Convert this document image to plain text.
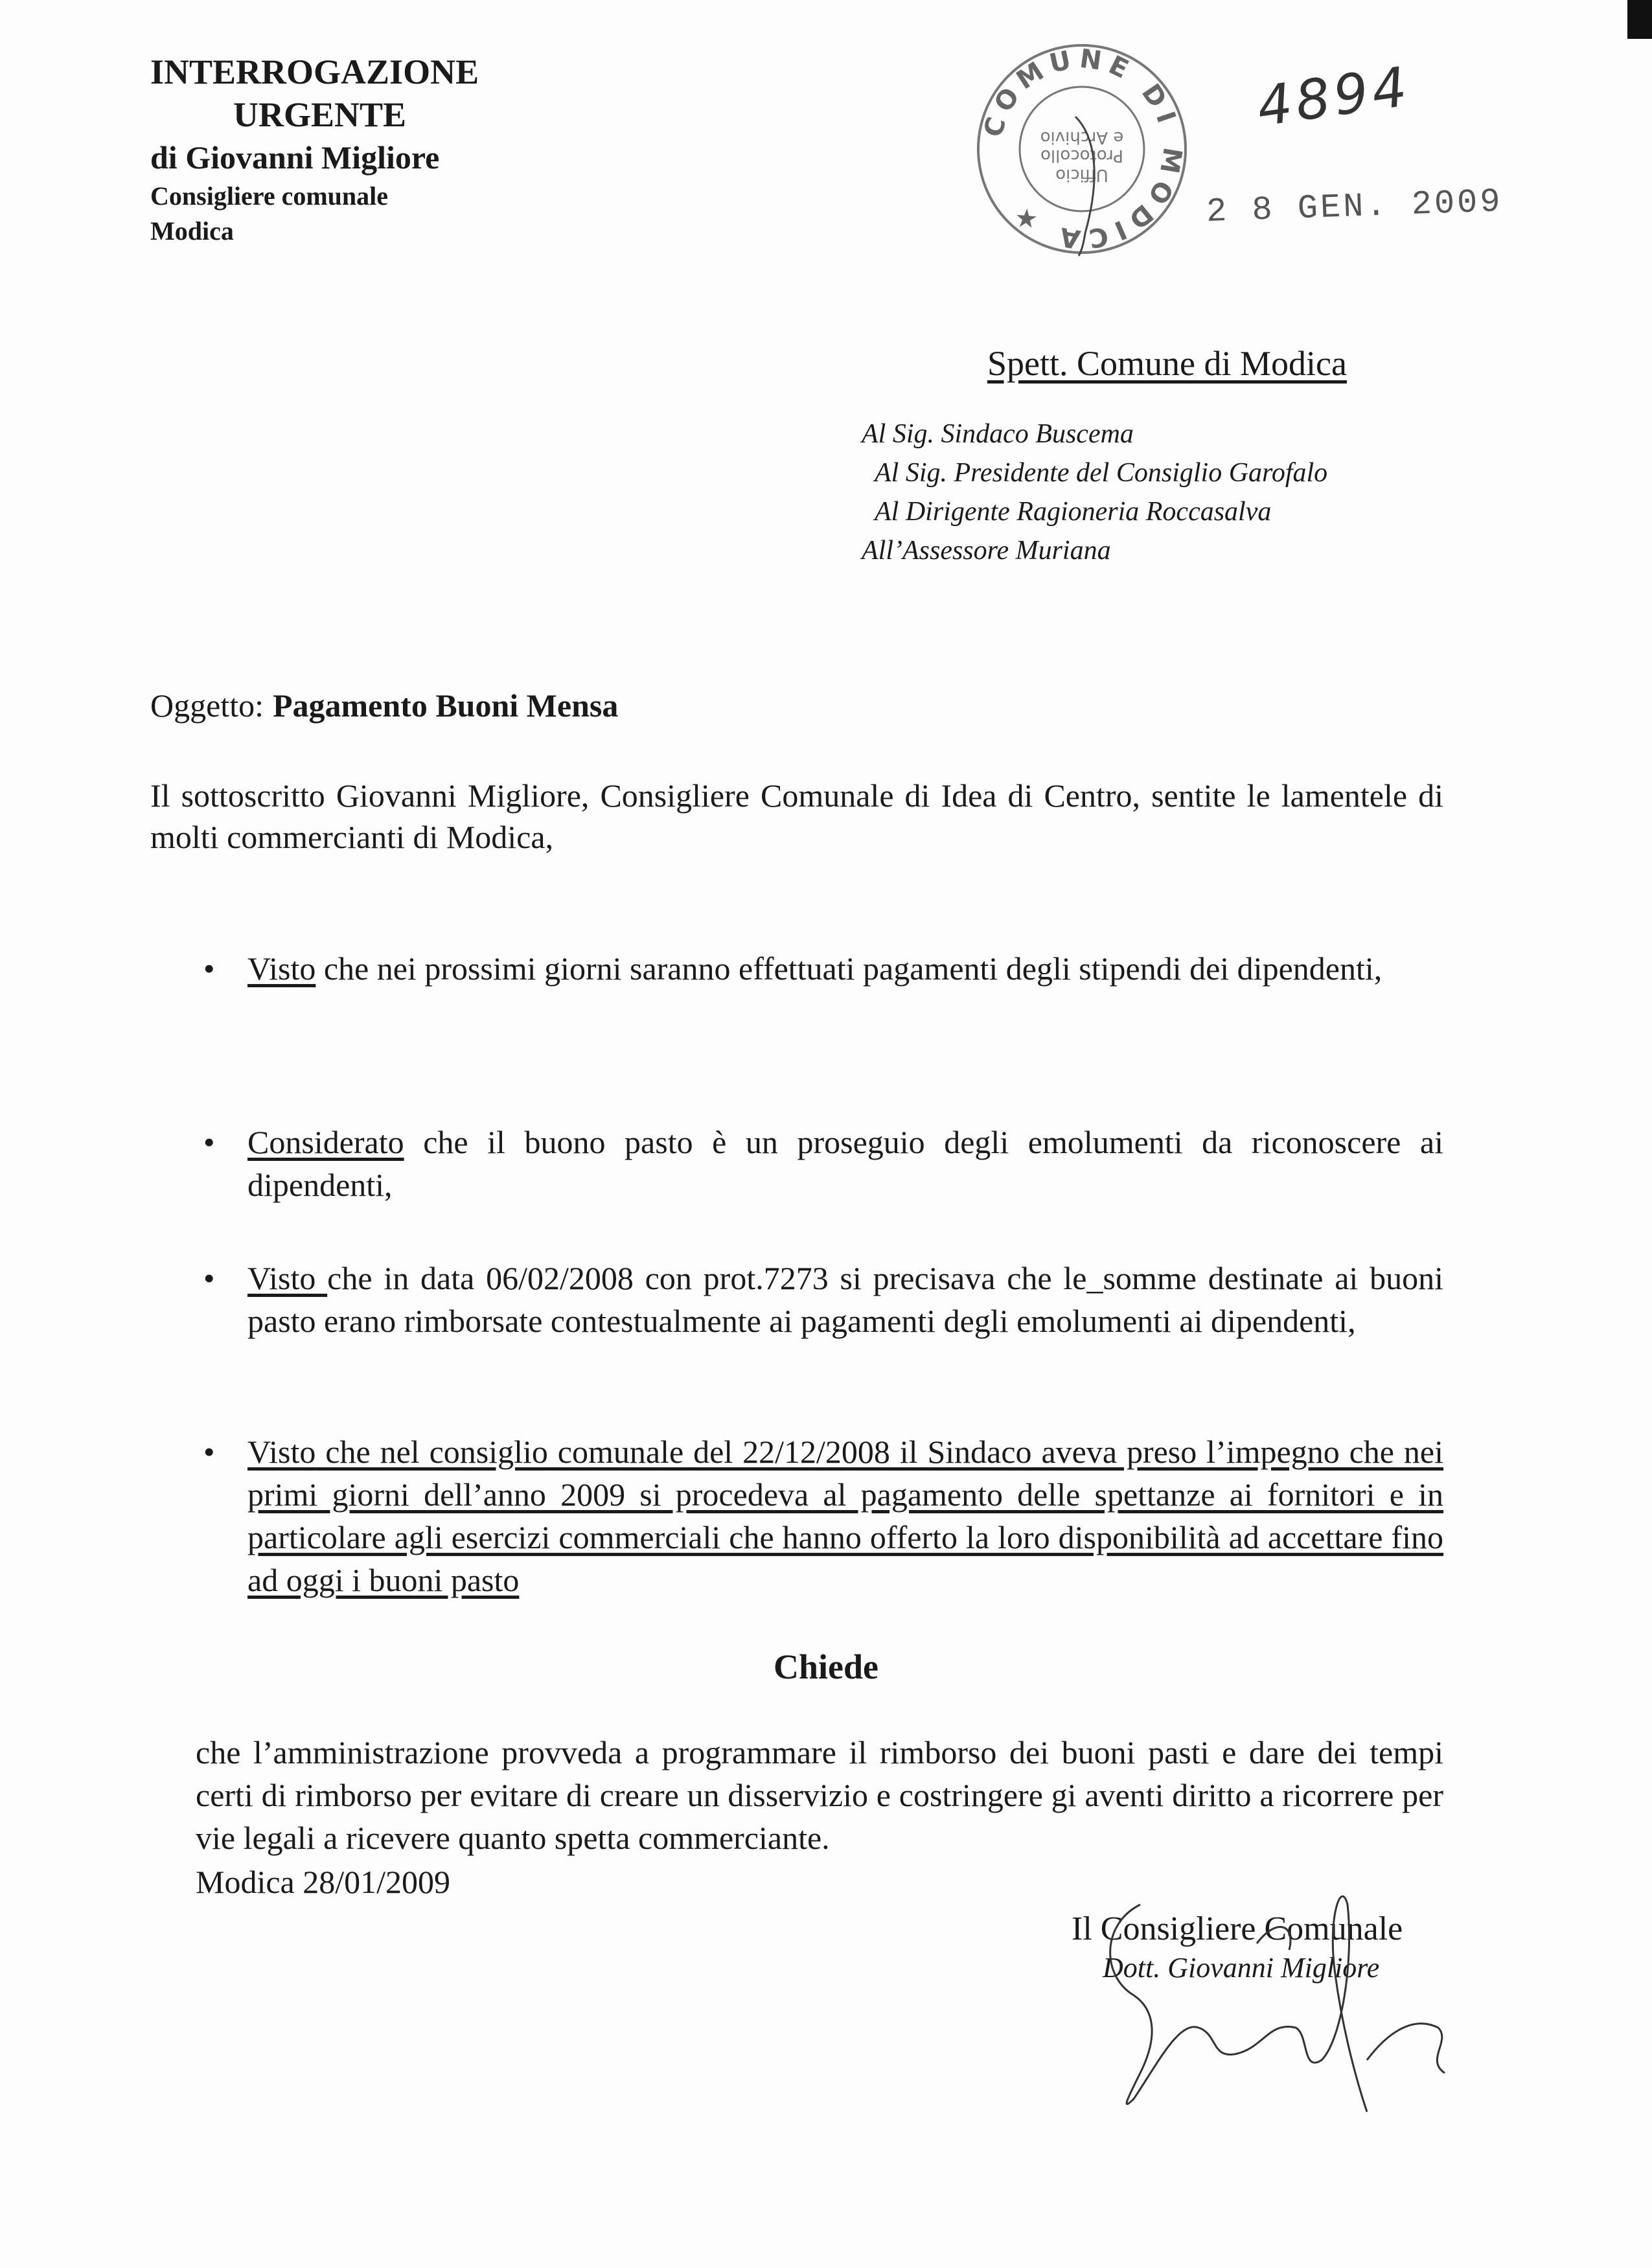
INTERROGAZIONE
URGENTE
di Giovanni Migliore
Consigliere comunale
Modica
COMUNE DI MODICA ★
Ufficio
Protocollo
e Archivio 4894
2 8 GEN. 2009
Spett. Comune di Modica
Al Sig. Sindaco Buscema
Al Sig. Presidente del Consiglio Garofalo
Al Dirigente Ragioneria Roccasalva
All’Assessore Muriana
Oggetto: Pagamento Buoni Mensa
Il sottoscritto Giovanni Migliore, Consigliere Comunale di Idea di Centro, sentite le lamentele di molti commercianti di Modica,
• Visto che nei prossimi giorni saranno effettuati pagamenti degli stipendi dei dipendenti,
• Considerato che il buono pasto è un proseguio degli emolumenti da riconoscere ai dipendenti,
• Visto che in data 06/02/2008 con prot.7273 si precisava che le_somme destinate ai buoni pasto erano rimborsate contestualmente ai pagamenti degli emolumenti ai dipendenti,
• Visto che nel consiglio comunale del 22/12/2008 il Sindaco aveva preso l’impegno che nei primi giorni dell’anno 2009 si procedeva al pagamento delle spettanze ai fornitori e in particolare agli esercizi commerciali che hanno offerto la loro disponibilità ad accettare fino ad oggi i buoni pasto
Chiede
che l’amministrazione provveda a programmare il rimborso dei buoni pasti e dare dei tempi certi di rimborso per evitare di creare un disservizio e costringere gi aventi diritto a ricorrere per vie legali a ricevere quanto spetta commerciante.
Modica 28/01/2009
Il Consigliere Comunale
Dott. Giovanni Migliore
